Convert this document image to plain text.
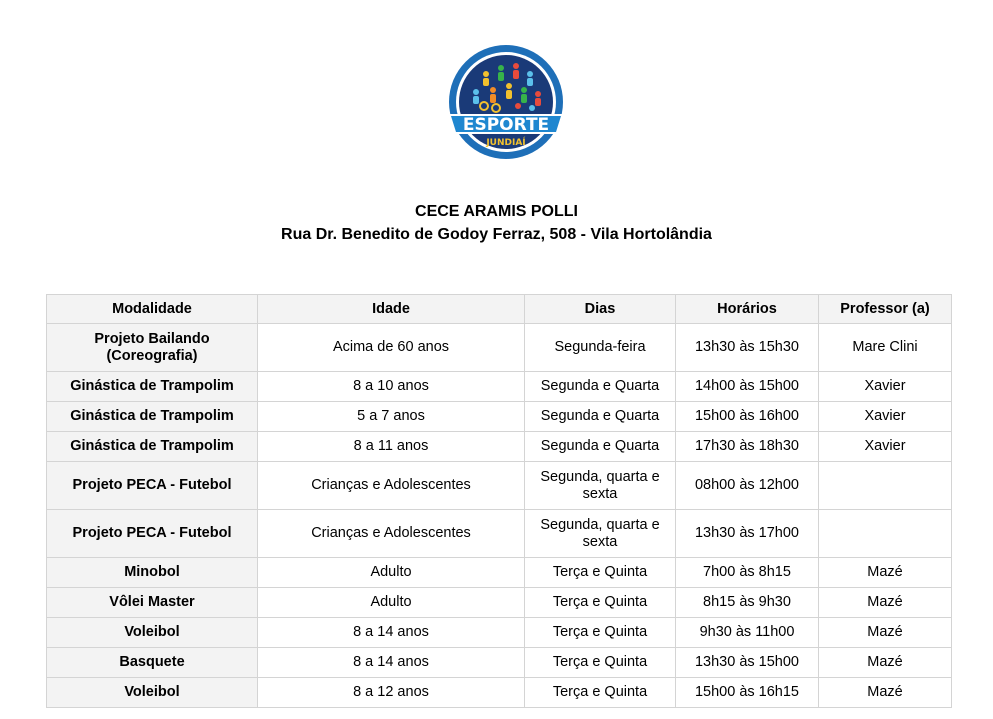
ESPORTE
JUNDIAÍ
CECE ARAMIS POLLI
Rua Dr. Benedito de Godoy Ferraz, 508 - Vila Hortolândia
Modalidade	Idade	Dias	Horários	Professor (a)
Projeto Bailando (Coreografia)	Acima de 60 anos	Segunda-feira	13h30 às 15h30	Mare Clini
Ginástica de Trampolim	8 a 10 anos	Segunda e Quarta	14h00 às 15h00	Xavier
Ginástica de Trampolim	5 a 7 anos	Segunda e Quarta	15h00 às 16h00	Xavier
Ginástica de Trampolim	8 a 11 anos	Segunda e Quarta	17h30 às 18h30	Xavier
Projeto PECA - Futebol	Crianças e Adolescentes	Segunda, quarta e sexta	08h00 às 12h00	
Projeto PECA - Futebol	Crianças e Adolescentes	Segunda, quarta e sexta	13h30 às 17h00	
Minobol	Adulto	Terça e Quinta	7h00 às 8h15	Mazé
Vôlei Master	Adulto	Terça e Quinta	8h15 às 9h30	Mazé
Voleibol	8 a 14 anos	Terça e Quinta	9h30 às 11h00	Mazé
Basquete	8 a 14 anos	Terça e Quinta	13h30 às 15h00	Mazé
Voleibol	8 a 12 anos	Terça e Quinta	15h00 às 16h15	Mazé
